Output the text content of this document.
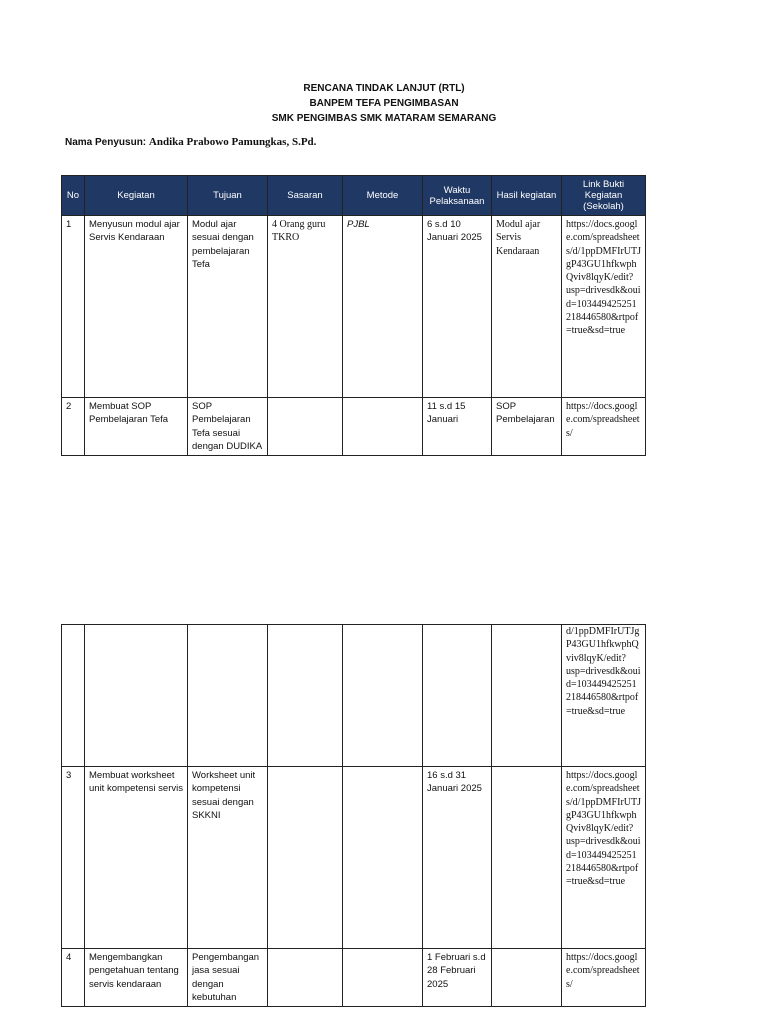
RENCANA TINDAK LANJUT (RTL)
BANPEM TEFA PENGIMBASAN
SMK PENGIMBAS SMK MATARAM SEMARANG
Nama Penyusun: Andika Prabowo Pamungkas, S.Pd.
No	Kegiatan	Tujuan	Sasaran	Metode	Waktu Pelaksanaan	Hasil kegiatan	Link Bukti Kegiatan (Sekolah)
1	Menyusun modul ajar Servis Kendaraan	Modul ajar sesuai dengan pembelajaran Tefa	4 Orang guru TKRO	PJBL	6 s.d 10 Januari 2025	Modul ajar Servis Kendaraan	https://docs.google.com/spreadsheets/d/1ppDMFIrUTJgP43GU1hfkwphQviv8lqyK/edit?usp=drivesdk&ouid=103449425251218446580&rtpof=true&sd=true
2	Membuat SOP Pembelajaran Tefa	SOP Pembelajaran Tefa sesuai dengan DUDIKA			11 s.d 15 Januari	SOP Pembelajaran	https://docs.google.com/spreadsheets/
							d/1ppDMFIrUTJgP43GU1hfkwphQviv8lqyK/edit?usp=drivesdk&ouid=103449425251218446580&rtpof=true&sd=true
3	Membuat worksheet unit kompetensi servis	Worksheet unit kompetensi sesuai dengan SKKNI			16 s.d 31 Januari 2025		https://docs.google.com/spreadsheets/d/1ppDMFIrUTJgP43GU1hfkwphQviv8lqyK/edit?usp=drivesdk&ouid=103449425251218446580&rtpof=true&sd=true
4	Mengembangkan pengetahuan tentang servis kendaraan	Pengembangan jasa sesuai dengan kebutuhan			1 Februari s.d 28 Februari 2025		https://docs.google.com/spreadsheets/
